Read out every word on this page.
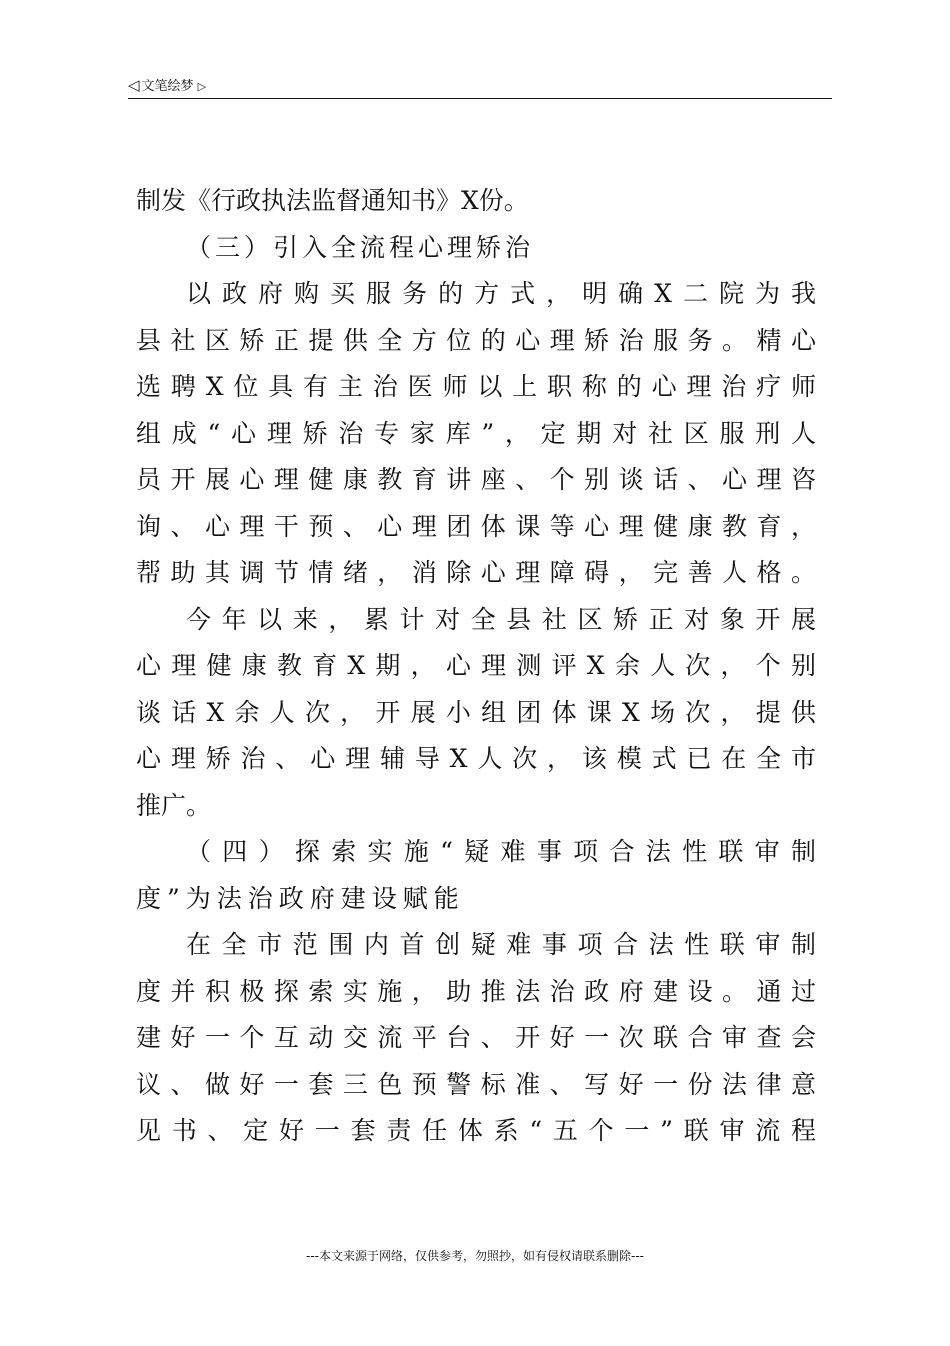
◁ 文笔绘梦 ▷
制发《行政执法监督通知书》X份。
（三）引入全流程心理矫治
以政府购买服务的方式，明确X二院为我
县社区矫正提供全方位的心理矫治服务。精心
选聘X位具有主治医师以上职称的心理治疗师
组成“心理矫治专家库”，定期对社区服刑人
员开展心理健康教育讲座、个别谈话、心理咨
询、心理干预、心理团体课等心理健康教育，
帮助其调节情绪，消除心理障碍，完善人格。
今年以来，累计对全县社区矫正对象开展
心理健康教育X期，心理测评X余人次，个别
谈话X余人次，开展小组团体课X场次，提供
心理矫治、心理辅导X人次，该模式已在全市
推广。
（四）探索实施“疑难事项合法性联审制
度”为法治政府建设赋能
在全市范围内首创疑难事项合法性联审制
度并积极探索实施，助推法治政府建设。通过
建好一个互动交流平台、开好一次联合审查会
议、做好一套三色预警标准、写好一份法律意
见书、定好一套责任体系“五个一”联审流程
---本文来源于网络，仅供参考，勿照抄，如有侵权请联系删除---
